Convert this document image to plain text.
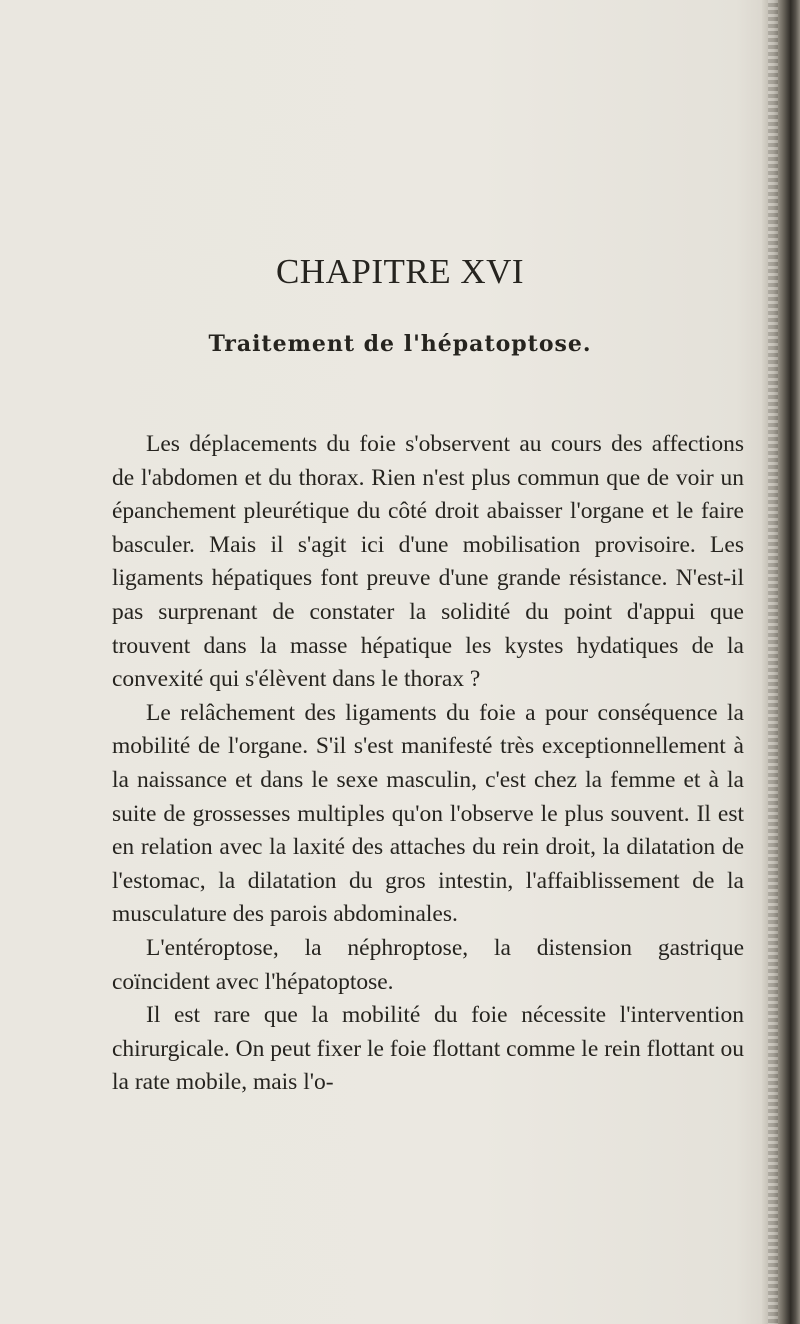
CHAPITRE XVI
Traitement de l'hépatoptose.

Les déplacements du foie s'observent au cours des affections de l'abdomen et du thorax. Rien n'est plus commun que de voir un épanchement pleurétique du côté droit abaisser l'organe et le faire basculer. Mais il s'agit ici d'une mobilisation provisoire. Les ligaments hépatiques font preuve d'une grande résistance. N'est-il pas surprenant de constater la solidité du point d'appui que trouvent dans la masse hépatique les kystes hydatiques de la convexité qui s'élèvent dans le thorax ?

Le relâchement des ligaments du foie a pour conséquence la mobilité de l'organe. S'il s'est manifesté très exceptionnellement à la naissance et dans le sexe masculin, c'est chez la femme et à la suite de grossesses multiples qu'on l'observe le plus souvent. Il est en relation avec la laxité des attaches du rein droit, la dilatation de l'estomac, la dilatation du gros intestin, l'affaiblissement de la musculature des parois abdominales.

L'entéroptose, la néphroptose, la distension gastrique coïncident avec l'hépatoptose.

Il est rare que la mobilité du foie nécessite l'intervention chirurgicale. On peut fixer le foie flottant comme le rein flottant ou la rate mobile, mais l'o-
